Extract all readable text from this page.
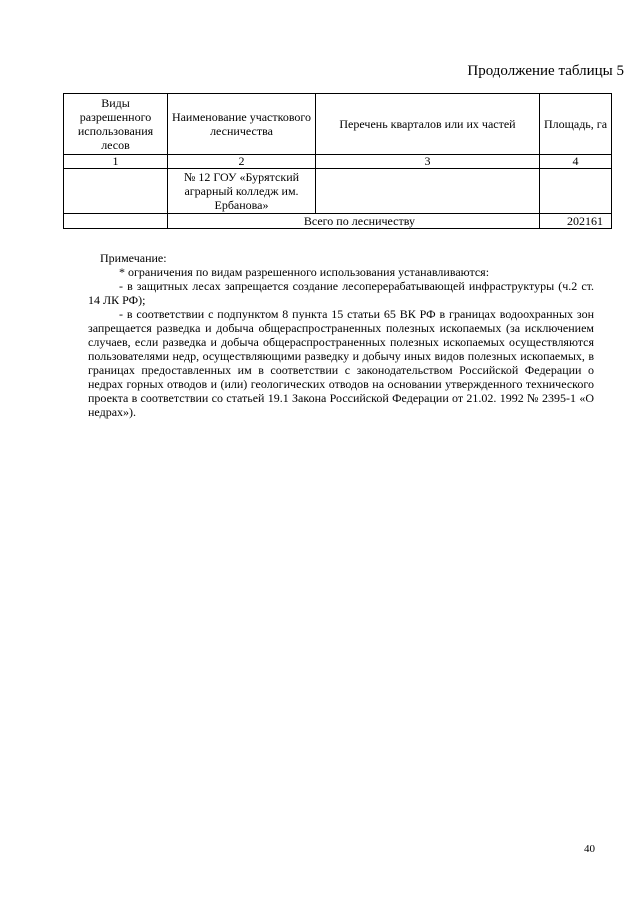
Продолжение таблицы 5
Виды разрешенного использования лесов	Наименование участкового лесничества	Перечень кварталов или их частей	Площадь, га
1	2	3	4
	№ 12 ГОУ «Бурятский аграрный колледж им. Ербанова»		
	Всего по лесничеству		202161
Примечание:

* ограничения по видам разрешенного использования устанавливаются:

- в защитных лесах запрещается создание лесоперерабатывающей инфраструктуры (ч.2 ст. 14 ЛК РФ);

- в соответствии с подпунктом 8 пункта 15 статьи 65 ВК РФ в границах водоохранных зон запрещается разведка и добыча общераспространенных полезных ископаемых (за исключением случаев, если разведка и добыча общераспространенных полезных ископаемых осуществляются пользователями недр, осуществляющими разведку и добычу иных видов полезных ископаемых, в границах предоставленных им в соответствии с законодательством Российской Федерации о недрах горных отводов и (или) геологических отводов на основании утвержденного технического проекта в соответствии со статьей 19.1 Закона Российской Федерации от 21.02. 1992 № 2395-1 «О недрах»).

40
